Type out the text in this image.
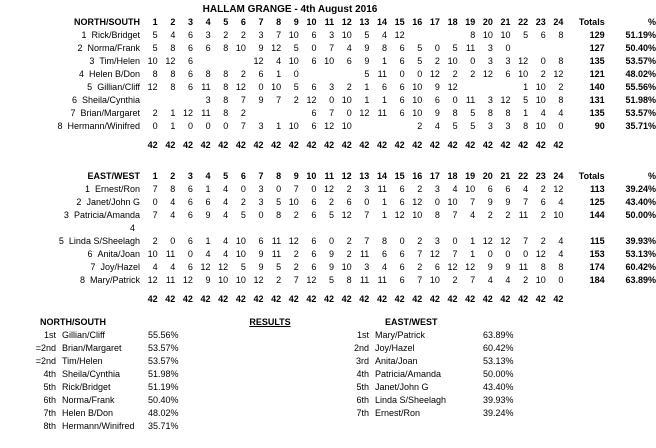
HALLAM GRANGE - 4th August 2016
NORTH/SOUTH	1	2	3	4	5	6	7	8	9	10	11	12	13	14	15	16	17	18	19	20	21	22	23	24	Totals	%
1 Rick/Bridget	5	4	6	3	2	2	3	7	10	6	3	10	5	4	12				8	10	10	5	6	8	129	51.19%
2 Norma/Frank	5	8	6	6	8	10	9	12	5	0	7	4	9	8	6	5	0	5	11	3	0				127	50.40%
3 Tim/Helen	10	12	6				12	4	10	6	10	6	9	1	6	5	2	10	0	3	3	12	0	8	135	53.57%
4 Helen B/Don	8	8	6	8	8	2	6	1	0				5	11	0	0	12	2	2	12	6	10	2	12	121	48.02%
5 Gillian/Cliff	12	8	6	11	8	12	0	10	5	6	3	2	1	6	6	10	9	12				1	10	2	140	55.56%
6 Sheila/Cynthia				3	8	7	9	7	2	12	0	10	1	1	6	10	6	0	11	3	12	5	10	8	131	51.98%
7 Brian/Margaret	2	1	12	11	8	2				6	7	0	12	11	6	10	9	8	5	8	8	1	4	4	135	53.57%
8 Hermann/Winifred	0	1	0	0	0	7	3	1	10	6	12	10				2	4	5	5	3	3	8	10	0	90	35.71%

	42	42	42	42	42	42	42	42	42	42	42	42	42	42	42	42	42	42	42	42	42	42	42	42		
EAST/WEST	1	2	3	4	5	6	7	8	9	10	11	12	13	14	15	16	17	18	19	20	21	22	23	24	Totals	%
1 Ernest/Ron	7	8	6	1	4	0	3	0	7	0	12	2	3	11	6	2	3	4	10	6	6	4	2	12	113	39.24%
2 Janet/John G	0	4	6	6	4	2	3	5	10	6	2	6	0	1	6	12	0	10	7	9	9	7	6	4	125	43.40%
3 Patricia/Amanda	7	4	6	9	4	5	0	8	2	6	5	12	7	1	12	10	8	7	4	2	2	11	2	10	144	50.00%
4																										
5 Linda S/Sheelagh	2	0	6	1	4	10	6	11	12	6	0	2	7	8	0	2	3	0	1	12	12	7	2	4	115	39.93%
6 Anita/Joan	10	11	0	4	4	10	9	11	2	6	9	2	11	6	6	7	12	7	1	0	0	0	12	4	153	53.13%
7 Joy/Hazel	4	4	6	12	12	5	9	5	2	6	9	10	3	4	6	2	6	12	12	9	9	11	8	8	174	60.42%
8 Mary/Patrick	12	11	12	9	10	10	12	2	7	12	5	8	11	11	6	7	10	2	7	4	4	2	10	0	184	63.89%

	42	42	42	42	42	42	42	42	42	42	42	42	42	42	42	42	42	42	42	42	42	42	42	42		
NORTH/SOUTH
1st Gillian/Cliff	55.56%
=2nd Brian/Margaret	53.57%
=2nd Tim/Helen	53.57%
4th Sheila/Cynthia	51.98%
5th Rick/Bridget	51.19%
6th Norma/Frank	50.40%
7th Helen B/Don	48.02%
8th Hermann/Winifred	35.71%
RESULTS	EAST/WEST
1st Mary/Patrick	63.89%
2nd Joy/Hazel	60.42%
3rd Anita/Joan	53.13%
4th Patricia/Amanda	50.00%
5th Janet/John G	43.40%
6th Linda S/Sheelagh	39.93%
7th Ernest/Ron	39.24%
